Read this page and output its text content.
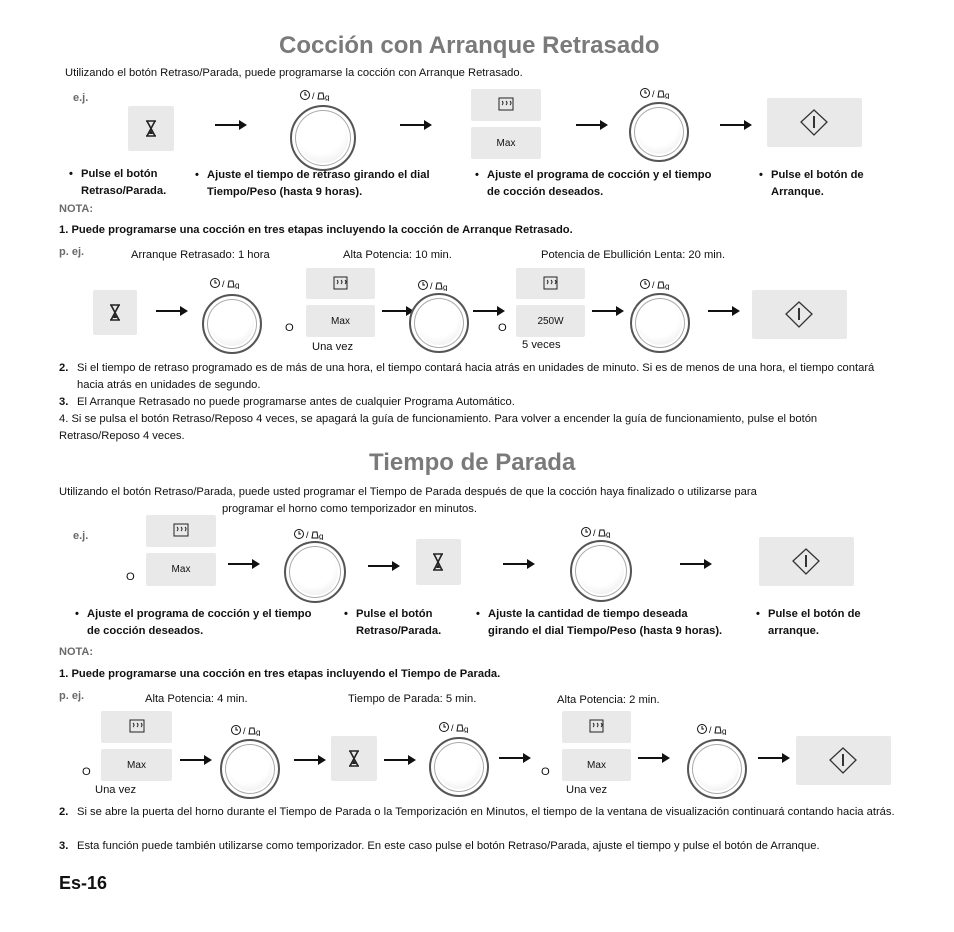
Cocción con Arranque Retrasado
Utilizando el botón Retraso/Parada, puede programarse la cocción con Arranque Retrasado.
e.j.	/ g
Max
/ g
• Pulse el botón Retraso/Parada.
• Ajuste el tiempo de retraso girando el dial Tiempo/Peso (hasta 9 horas).
• Ajuste el programa de cocción y el tiempo de cocción deseados.
• Pulse el botón de Arranque.
NOTA:
1. Puede programarse una cocción en tres etapas incluyendo la cocción de Arranque Retrasado.
p. ej.	Arranque Retrasado: 1 hora	Alta Potencia: 10 min.	Potencia de Ebullición Lenta: 20 min.
/ g
O
Max
Una vez
/ g
O
250W
5 veces
/ g
2. Si el tiempo de retraso programado es de más de una hora, el tiempo contará hacia atrás en unidades de minuto. Si es de menos de una hora, el tiempo contará hacia atrás en unidades de segundo.
3. El Arranque Retrasado no puede programarse antes de cualquier Programa Automático.
4. Si se pulsa el botón Retraso/Reposo 4 veces, se apagará la guía de funcionamiento. Para volver a encender la guía de funcionamiento, pulse el botón Retraso/Reposo 4 veces.
Tiempo de Parada
Utilizando el botón Retraso/Parada, puede usted programar el Tiempo de Parada después de que la cocción haya finalizado o utilizarse para
programar el horno como temporizador en minutos.
e.j.
O
Max
/ g	/ g
• Ajuste el programa de cocción y el tiempo de cocción deseados.
• Pulse el botón Retraso/Parada.
• Ajuste la cantidad de tiempo deseada girando el dial Tiempo/Peso (hasta 9 horas).
• Pulse el botón de arranque.
NOTA:
1. Puede programarse una cocción en tres etapas incluyendo el Tiempo de Parada.
p. ej.	Alta Potencia: 4 min.	Tiempo de Parada: 5 min.	Alta Potencia: 2 min.
O
Max
Una vez
/ g	/ g
O
Max
Una vez
/ g
2. Si se abre la puerta del horno durante el Tiempo de Parada o la Temporización en Minutos, el tiempo de la ventana de visualización continuará contando hacia atrás.
3. Esta función puede también utilizarse como temporizador. En este caso pulse el botón Retraso/Parada, ajuste el tiempo y pulse el botón de Arranque.
Es-16
